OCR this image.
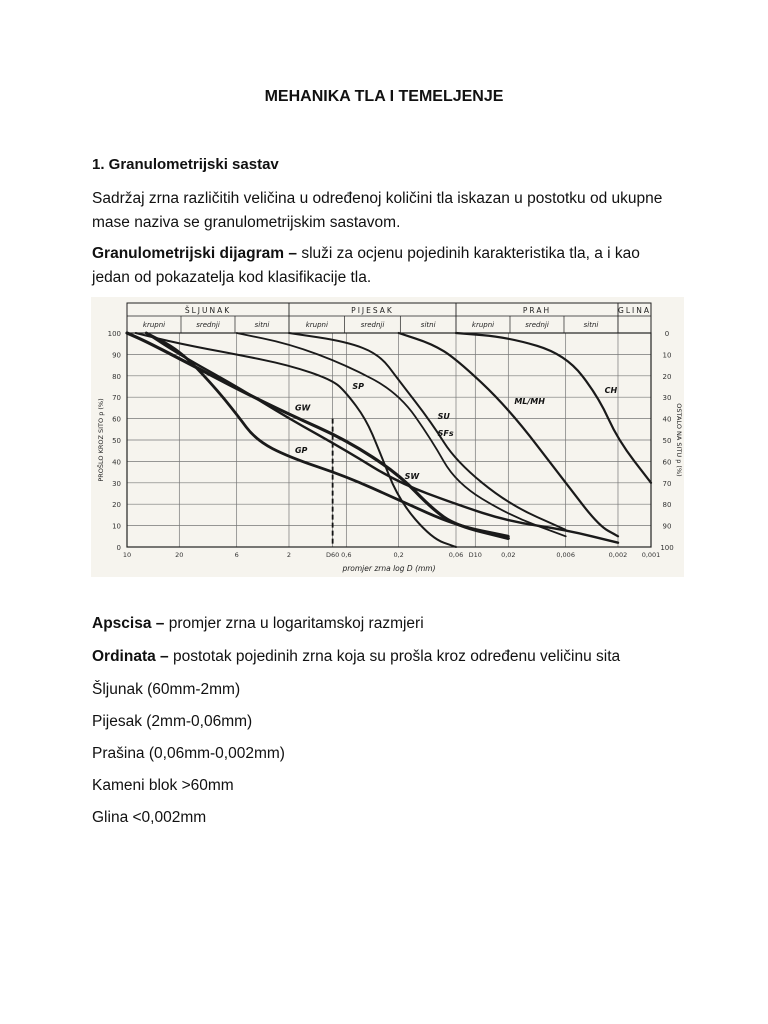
MEHANIKA TLA I TEMELJENJE
1. Granulometrijski sastav
Sadržaj zrna različitih veličina u određenoj količini tla iskazan u postotku od ukupne mase naziva se granulometrijskim sastavom.
Granulometrijski dijagram – služi za ocjenu pojedinih karakteristika tla, a i kao jedan od pokazatelja kod klasifikacije tla.
ŠLJUNAK
krupni	srednji	sitni
PIJESAK
krupni	srednji	sitni
PRAH
krupni	srednji	sitni
GLINA
100	0
90	10
80	20
70	30
60	40
50	50
40	60
30	70
20	80
10	90
0	100
10	20	6	2	D60 0,6	0,2	0,06 D10	0,02	0,006	0,002 0,001
GW
GP
SP
SU
SFs
SW
ML/MH
CH
promjer zrna log D (mm)
PROŠLO KROZ SITO p (%)	OSTALO NA SITU p (%)
Apscisa – promjer zrna u logaritamskoj razmjeri
Ordinata – postotak pojedinih zrna koja su prošla kroz određenu veličinu sita
Šljunak (60mm-2mm)
Pijesak (2mm-0,06mm)
Prašina (0,06mm-0,002mm)
Kameni blok >60mm
Glina <0,002mm
